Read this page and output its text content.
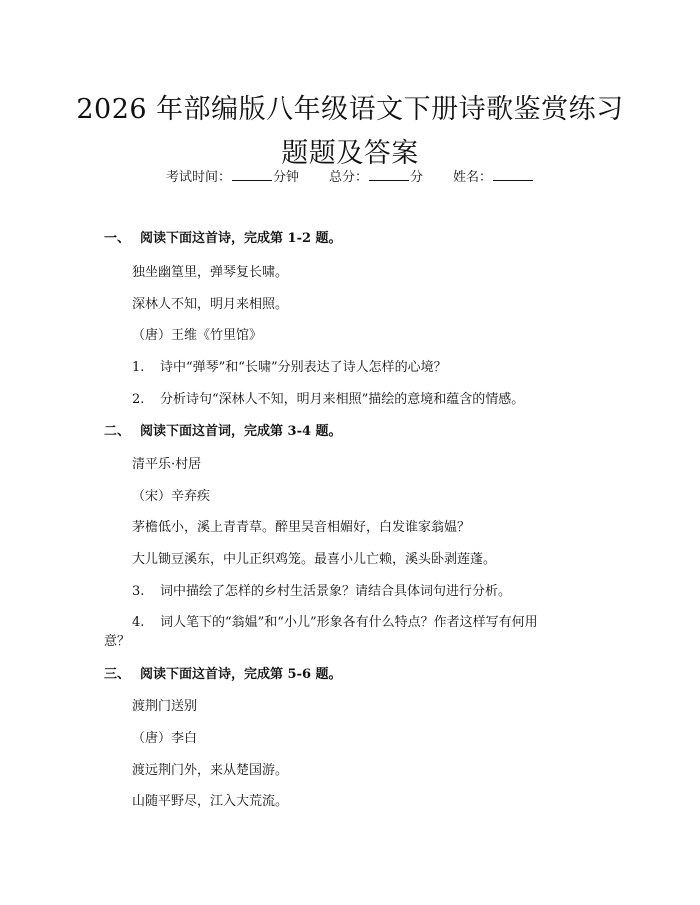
2026 年部编版八年级语文下册诗歌鉴赏练习
题题及答案
考试时间：	分钟 总分：	分 姓名：
一、 阅读下面这首诗，完成第 1-2 题。
独坐幽篁里，弹琴复长啸。
深林人不知，明月来相照。
（唐）王维《竹里馆》
1. 诗中“弹琴”和“长啸”分别表达了诗人怎样的心境？
2. 分析诗句“深林人不知，明月来相照”描绘的意境和蕴含的情感。
二、 阅读下面这首词，完成第 3-4 题。
清平乐·村居
（宋）辛弃疾
茅檐低小，溪上青青草。醉里吴音相媚好，白发谁家翁媪？
大儿锄豆溪东，中儿正织鸡笼。最喜小儿亡赖，溪头卧剥莲蓬。
3. 词中描绘了怎样的乡村生活景象？请结合具体词句进行分析。
4. 词人笔下的“翁媪”和“小儿”形象各有什么特点？作者这样写有何用
意？
三、 阅读下面这首诗，完成第 5-6 题。
渡荆门送别
（唐）李白
渡远荆门外，来从楚国游。
山随平野尽，江入大荒流。
